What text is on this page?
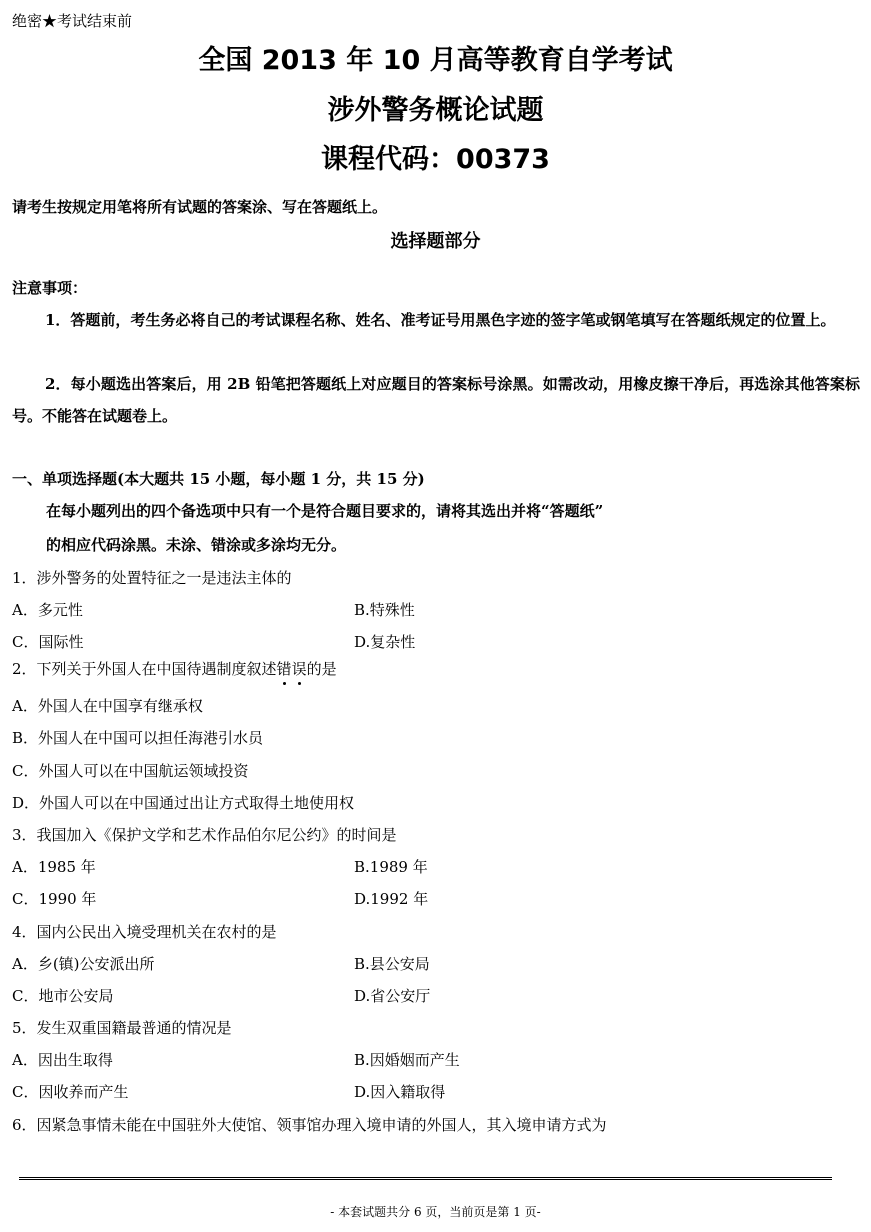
绝密★考试结束前
全国 2013 年 10 月高等教育自学考试
涉外警务概论试题
课程代码：00373
请考生按规定用笔将所有试题的答案涂、写在答题纸上。
选择题部分
注意事项：
1．答题前，考生务必将自己的考试课程名称、姓名、准考证号用黑色字迹的签字笔或钢笔填写在答题纸规定的位置上。
2．每小题选出答案后，用 2B 铅笔把答题纸上对应题目的答案标号涂黑。如需改动，用橡皮擦干净后，再选涂其他答案标号。不能答在试题卷上。
一、单项选择题(本大题共 15 小题，每小题 1 分，共 15 分)
在每小题列出的四个备选项中只有一个是符合题目要求的，请将其选出并将“答题纸”
的相应代码涂黑。未涂、错涂或多涂均无分。
1．涉外警务的处置特征之一是违法主体的
A．多元性	B.特殊性
C．国际性	D.复杂性
2．下列关于外国人在中国待遇制度叙述错误的是
A．外国人在中国享有继承权
B．外国人在中国可以担任海港引水员
C．外国人可以在中国航运领域投资
D．外国人可以在中国通过出让方式取得土地使用权
3．我国加入《保护文学和艺术作品伯尔尼公约》的时间是
A．1985 年	B.1989 年
C．1990 年	D.1992 年
4．国内公民出入境受理机关在农村的是
A．乡(镇)公安派出所	B.县公安局
C．地市公安局	D.省公安厅
5．发生双重国籍最普通的情况是
A．因出生取得	B.因婚姻而产生
C．因收养而产生	D.因入籍取得
6．因紧急事情未能在中国驻外大使馆、领事馆办理入境申请的外国人，其入境申请方式为
- 本套试题共分 6 页，当前页是第 1 页-
